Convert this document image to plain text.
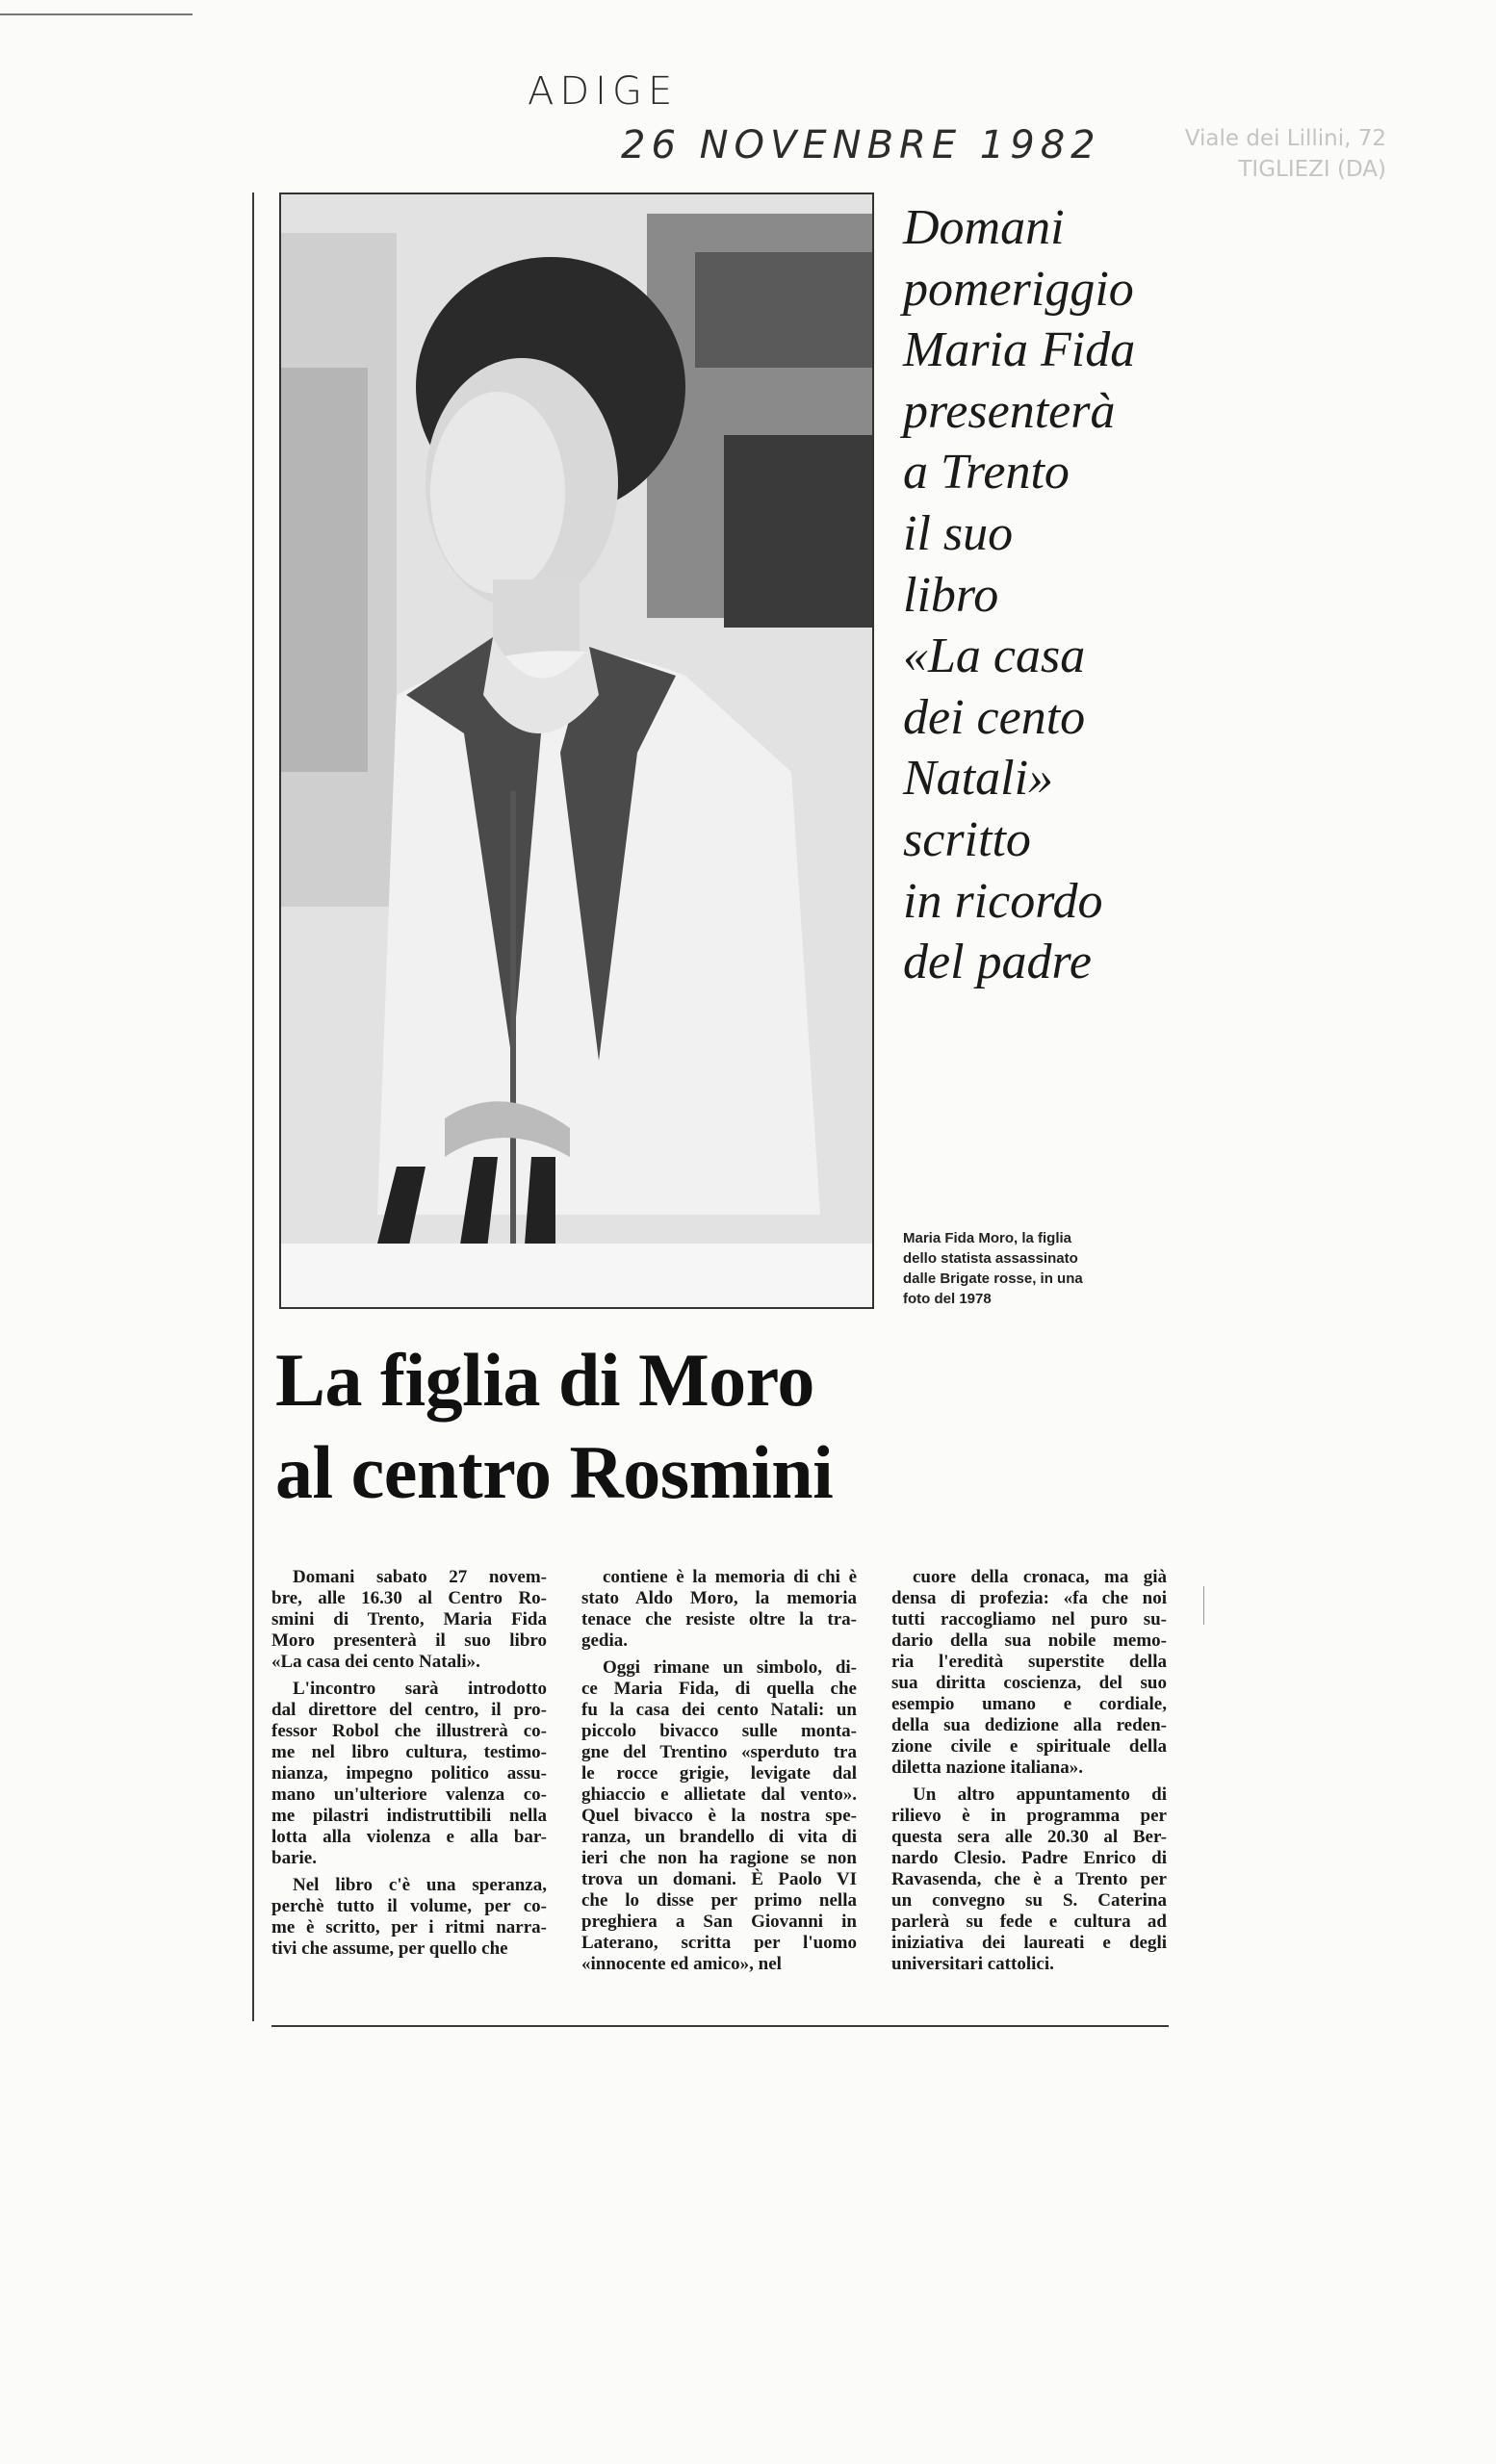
ADIGE
26 NOVENBRE 1982	Viale dei Lillini, 72
TIGLIEZI (DA)
Domani
pomeriggio
Maria Fida
presenterà
a Trento
il suo
libro
«La casa
dei cento
Natali»
scritto
in ricordo
del padre
Maria Fida Moro, la figlia
dello statista assassinato
dalle Brigate rosse, in una
foto del 1978
La figlia di Moro
al centro Rosmini

Domani sabato 27 novem-
bre, alle 16.30 al Centro Ro-
smini di Trento, Maria Fida
Moro presenterà il suo libro
«La casa dei cento Natali».

L'incontro sarà introdotto
dal direttore del centro, il pro-
fessor Robol che illustrerà co-
me nel libro cultura, testimo-
nianza, impegno politico assu-
mano un'ulteriore valenza co-
me pilastri indistruttibili nella
lotta alla violenza e alla bar-
barie.

Nel libro c'è una speranza,
perchè tutto il volume, per co-
me è scritto, per i ritmi narra-
tivi che assume, per quello che

contiene è la memoria di chi è
stato Aldo Moro, la memoria
tenace che resiste oltre la tra-
gedia.

Oggi rimane un simbolo, di-
ce Maria Fida, di quella che
fu la casa dei cento Natali: un
piccolo bivacco sulle monta-
gne del Trentino «sperduto tra
le rocce grigie, levigate dal
ghiaccio e allietate dal vento».
Quel bivacco è la nostra spe-
ranza, un brandello di vita di
ieri che non ha ragione se non
trova un domani. È Paolo VI
che lo disse per primo nella
preghiera a San Giovanni in
Laterano, scritta per l'uomo
«innocente ed amico», nel

cuore della cronaca, ma già
densa di profezia: «fa che noi
tutti raccogliamo nel puro su-
dario della sua nobile memo-
ria l'eredità superstite della
sua diritta coscienza, del suo
esempio umano e cordiale,
della sua dedizione alla reden-
zione civile e spirituale della
diletta nazione italiana».

Un altro appuntamento di
rilievo è in programma per
questa sera alle 20.30 al Ber-
nardo Clesio. Padre Enrico di
Ravasenda, che è a Trento per
un convegno su S. Caterina
parlerà su fede e cultura ad
iniziativa dei laureati e degli
universitari cattolici.
